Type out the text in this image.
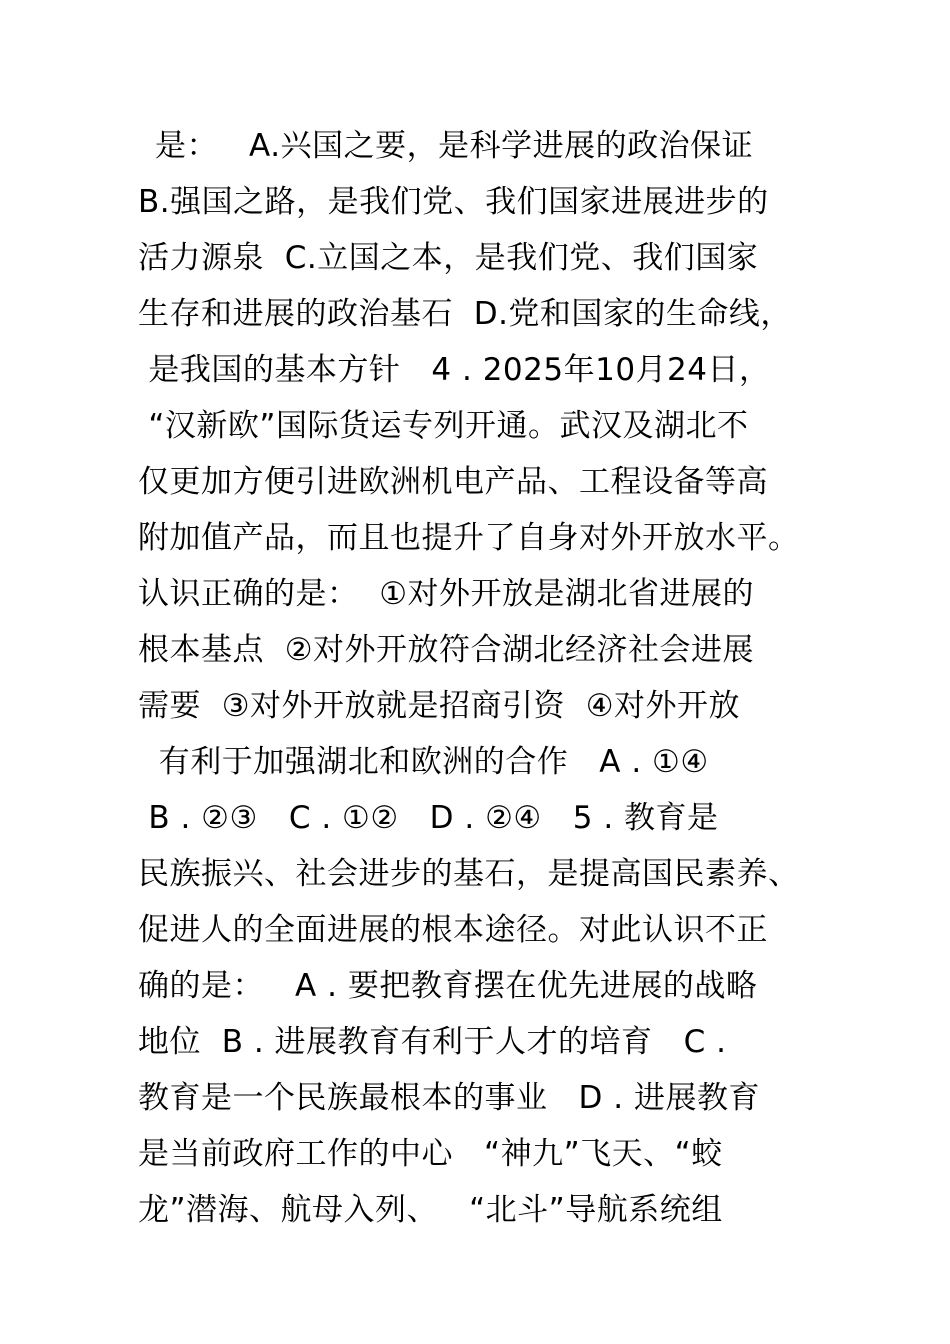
是：   A.兴国之要，是科学进展的政治保证
B.强国之路，是我们党、我们国家进展进步的
活力源泉  C.立国之本，是我们党、我们国家
生存和进展的政治基石  D.党和国家的生命线，
是我国的基本方针   4 . 2025年10月24日，
“汉新欧”国际货运专列开通。武汉及湖北不
仅更加方便引进欧洲机电产品、工程设备等高
附加值产品，而且也提升了自身对外开放水平。
认识正确的是：  ①对外开放是湖北省进展的
根本基点  ②对外开放符合湖北经济社会进展
需要  ③对外开放就是招商引资  ④对外开放
有利于加强湖北和欧洲的合作   A . ①④
B . ②③   C . ①②   D . ②④   5 . 教育是
民族振兴、社会进步的基石，是提高国民素养、
促进人的全面进展的根本途径。对此认识不正
确的是：   A . 要把教育摆在优先进展的战略
地位  B . 进展教育有利于人才的培育   C .
教育是一个民族最根本的事业   D . 进展教育
是当前政府工作的中心   “神九”飞天、“蛟
龙”潜海、航母入列、   “北斗”导航系统组
